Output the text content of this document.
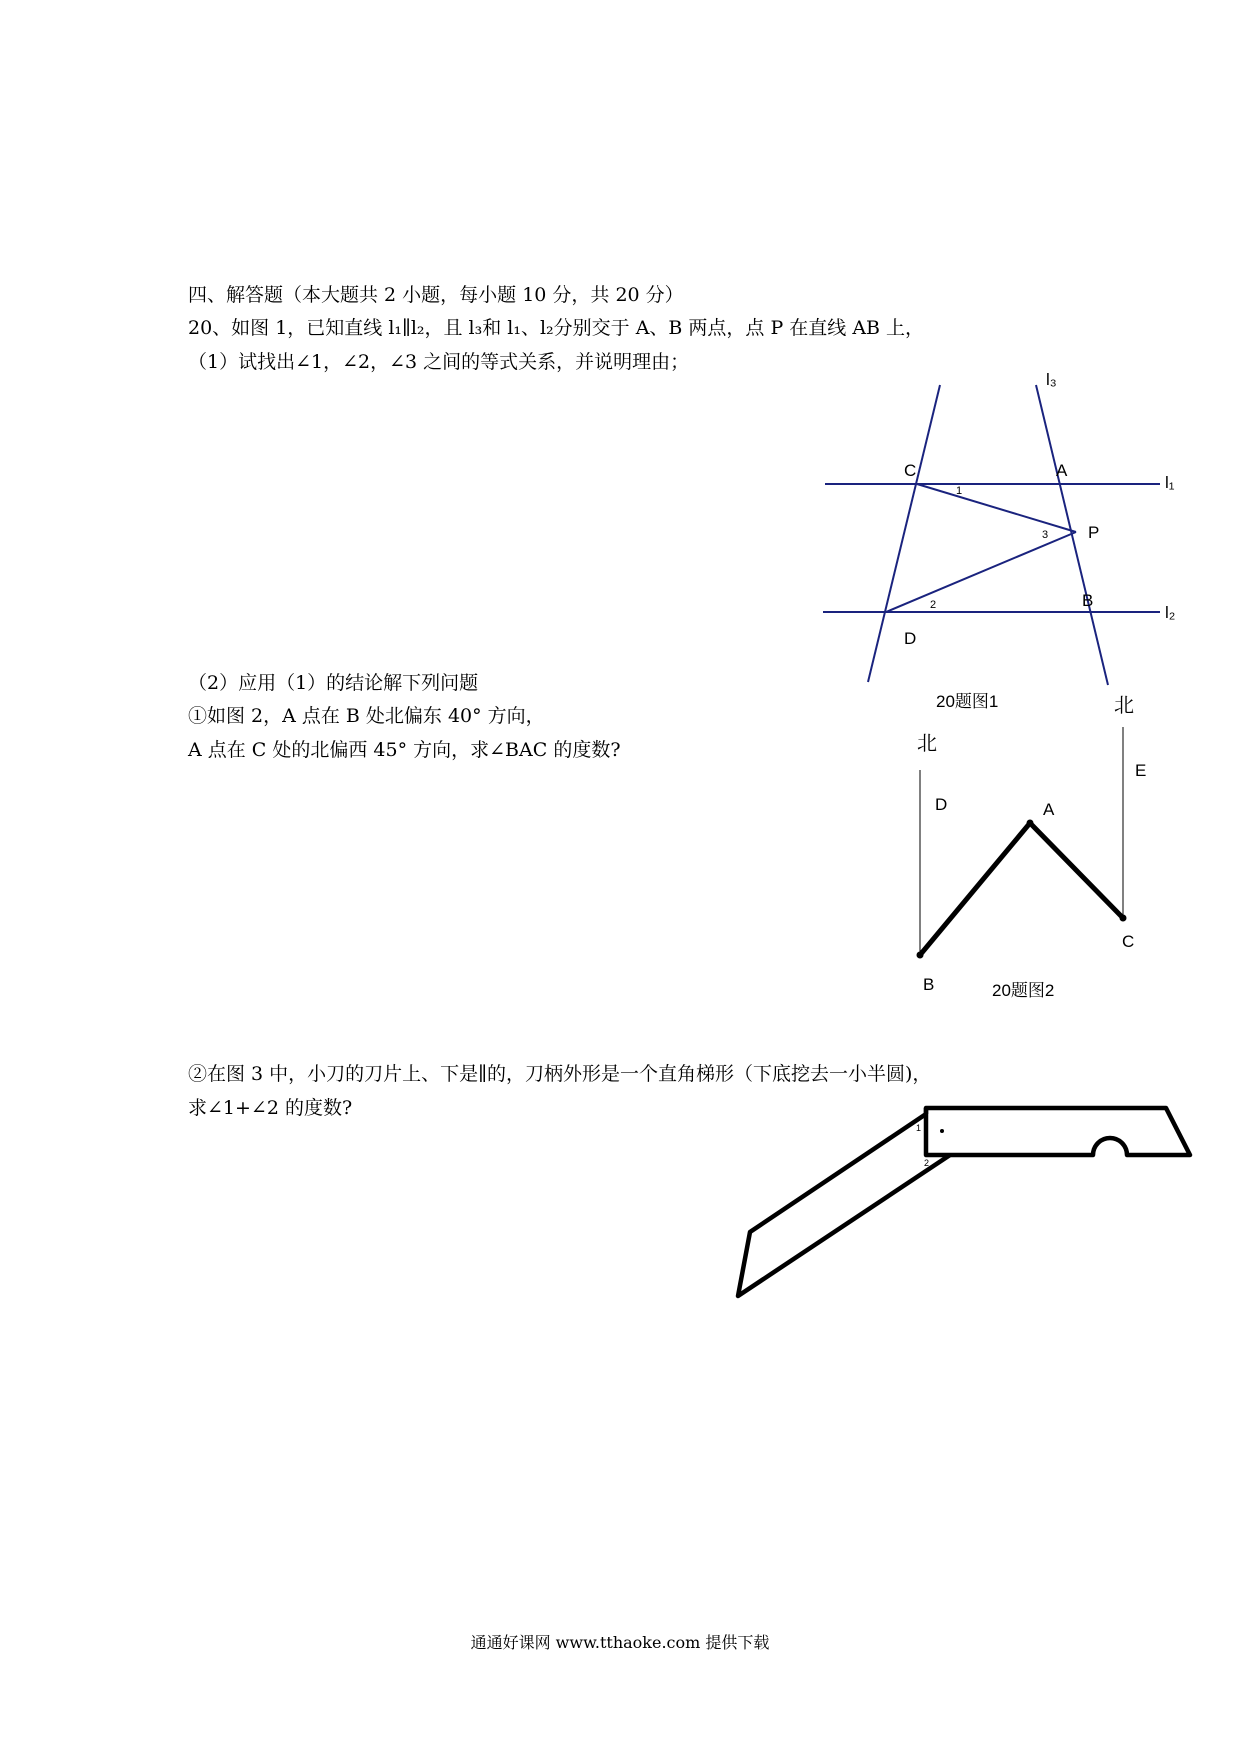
四、解答题（本大题共 2 小题，每小题 10 分，共 20 分）
20、如图 1，已知直线 l₁∥l₂，且 l₃和 l₁、l₂分别交于 A、B 两点，点 P 在直线 AB 上，
（1）试找出∠1，∠2，∠3 之间的等式关系，并说明理由；
（2）应用（1）的结论解下列问题
①如图 2，A 点在 B 处北偏东 40° 方向，
A 点在 C 处的北偏西 45° 方向，求∠BAC 的度数?
②在图 3 中，小刀的刀片上、下是∥的，刀柄外形是一个直角梯形（下底挖去一小半圆)，
求∠1+∠2 的度数?
l₃
l₁
l₂
C	A
P
B
D
1
3
2
20题图1
北
北
D
E
A
B
C
20题图2
1
2
通通好课网 www.tthaoke.com 提供下载
